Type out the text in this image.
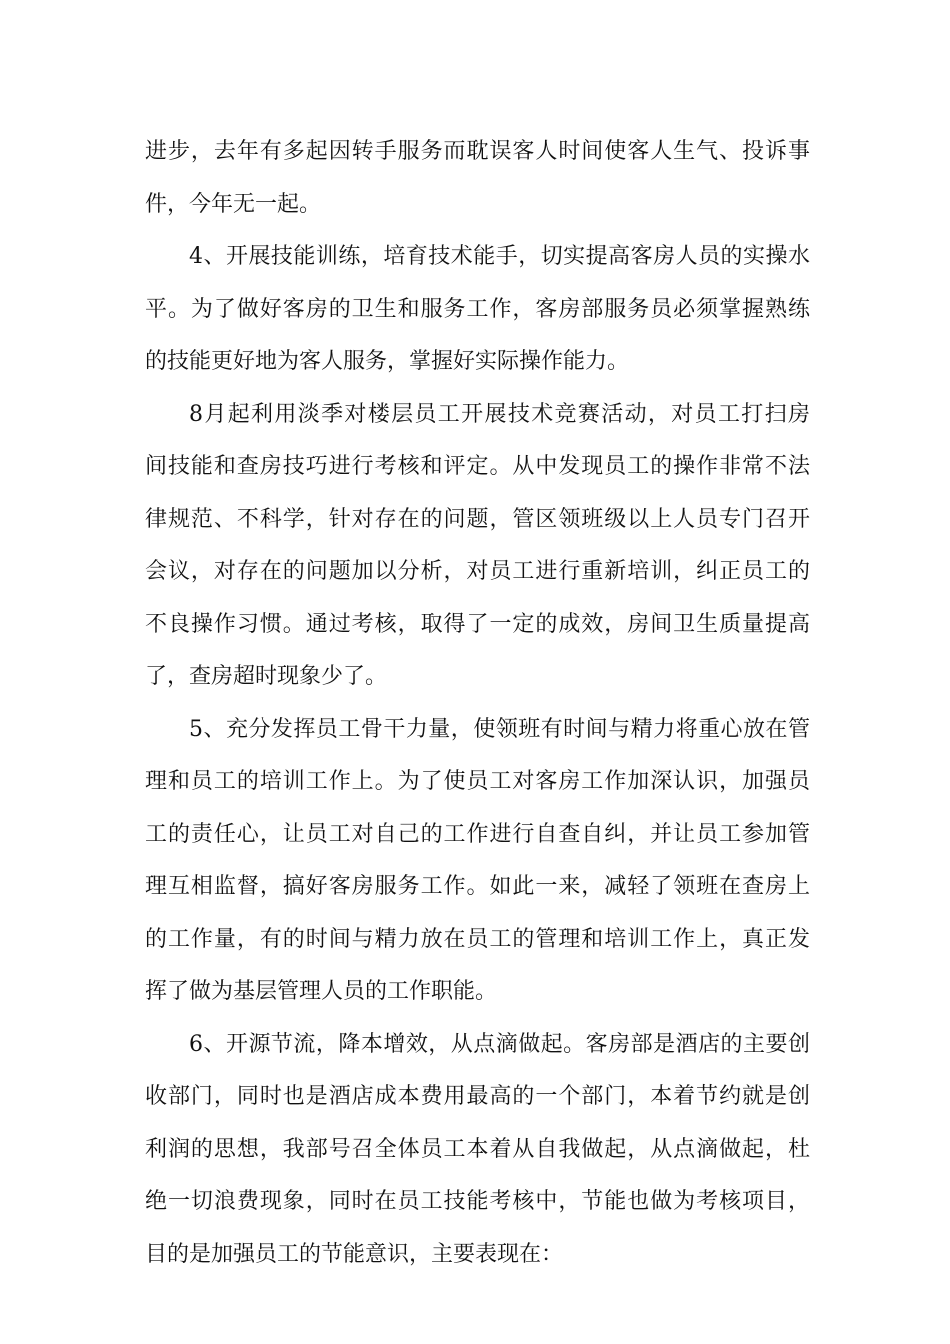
进步，去年有多起因转手服务而耽误客人时间使客人生气、投诉事
件，今年无一起。
4、开展技能训练，培育技术能手，切实提高客房人员的实操水
平。为了做好客房的卫生和服务工作，客房部服务员必须掌握熟练
的技能更好地为客人服务，掌握好实际操作能力。
8月起利用淡季对楼层员工开展技术竞赛活动，对员工打扫房
间技能和查房技巧进行考核和评定。从中发现员工的操作非常不法
律规范、不科学，针对存在的问题，管区领班级以上人员专门召开
会议，对存在的问题加以分析，对员工进行重新培训，纠正员工的
不良操作习惯。通过考核，取得了一定的成效，房间卫生质量提高
了，查房超时现象少了。
5、充分发挥员工骨干力量，使领班有时间与精力将重心放在管
理和员工的培训工作上。为了使员工对客房工作加深认识，加强员
工的责任心，让员工对自己的工作进行自查自纠，并让员工参加管
理互相监督，搞好客房服务工作。如此一来，减轻了领班在查房上
的工作量，有的时间与精力放在员工的管理和培训工作上，真正发
挥了做为基层管理人员的工作职能。
6、开源节流，降本增效，从点滴做起。客房部是酒店的主要创
收部门，同时也是酒店成本费用最高的一个部门，本着节约就是创
利润的思想，我部号召全体员工本着从自我做起，从点滴做起，杜
绝一切浪费现象，同时在员工技能考核中，节能也做为考核项目，
目的是加强员工的节能意识，主要表现在：
